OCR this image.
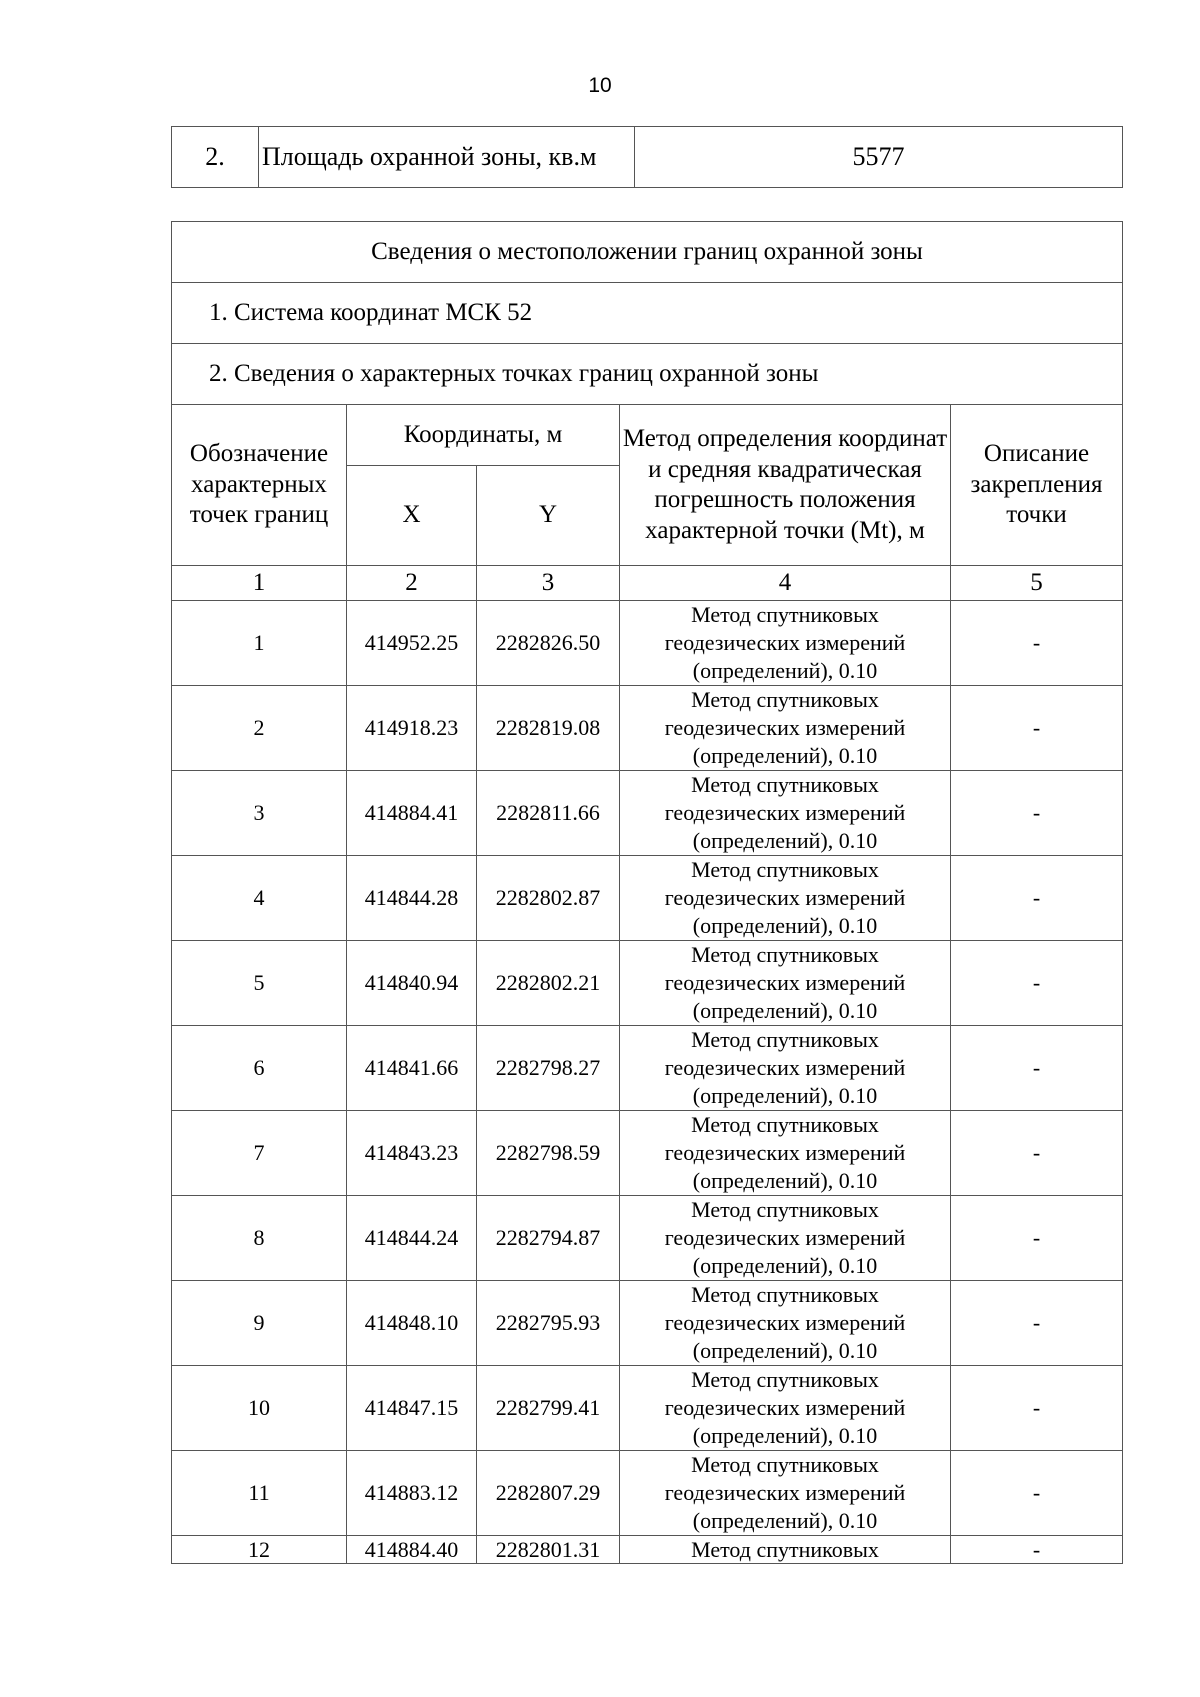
10
2.	Площадь охранной зоны, кв.м	5577
Сведения о местоположении границ охранной зоны				
1. Система координат МСК 52				
2. Сведения о характерных точках границ охранной зоны				
Обозначение характерных точек границ	Координаты, м		Метод определения координат и средняя квадратическая погрешность положения характерной точки (Mt), м	Описание закрепления точки
	X	Y		
1	2	3	4	5
1	414952.25	2282826.50	Метод спутниковых
геодезических измерений
(определений), 0.10	-
2	414918.23	2282819.08	Метод спутниковых
геодезических измерений
(определений), 0.10	-
3	414884.41	2282811.66	Метод спутниковых
геодезических измерений
(определений), 0.10	-
4	414844.28	2282802.87	Метод спутниковых
геодезических измерений
(определений), 0.10	-
5	414840.94	2282802.21	Метод спутниковых
геодезических измерений
(определений), 0.10	-
6	414841.66	2282798.27	Метод спутниковых
геодезических измерений
(определений), 0.10	-
7	414843.23	2282798.59	Метод спутниковых
геодезических измерений
(определений), 0.10	-
8	414844.24	2282794.87	Метод спутниковых
геодезических измерений
(определений), 0.10	-
9	414848.10	2282795.93	Метод спутниковых
геодезических измерений
(определений), 0.10	-
10	414847.15	2282799.41	Метод спутниковых
геодезических измерений
(определений), 0.10	-
11	414883.12	2282807.29	Метод спутниковых
геодезических измерений
(определений), 0.10	-
12	414884.40	2282801.31	Метод спутниковых	-
